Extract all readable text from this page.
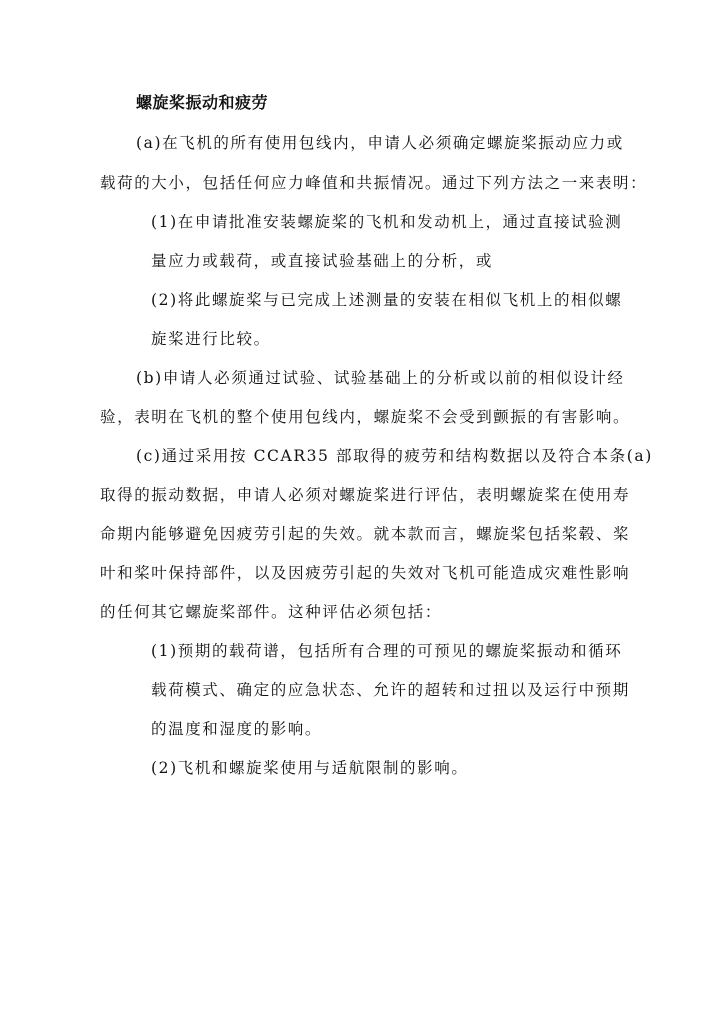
螺旋桨振动和疲劳
(a)在飞机的所有使用包线内，申请人必须确定螺旋桨振动应力或
载荷的大小，包括任何应力峰值和共振情况。通过下列方法之一来表明：
(1)在申请批准安装螺旋桨的飞机和发动机上，通过直接试验测
量应力或载荷，或直接试验基础上的分析，或
(2)将此螺旋桨与已完成上述测量的安装在相似飞机上的相似螺
旋桨进行比较。
(b)申请人必须通过试验、试验基础上的分析或以前的相似设计经
验，表明在飞机的整个使用包线内，螺旋桨不会受到颤振的有害影响。
(c)通过采用按 CCAR35 部取得的疲劳和结构数据以及符合本条(a)
取得的振动数据，申请人必须对螺旋桨进行评估，表明螺旋桨在使用寿
命期内能够避免因疲劳引起的失效。就本款而言，螺旋桨包括桨毂、桨
叶和桨叶保持部件，以及因疲劳引起的失效对飞机可能造成灾难性影响
的任何其它螺旋桨部件。这种评估必须包括：
(1)预期的载荷谱，包括所有合理的可预见的螺旋桨振动和循环
载荷模式、确定的应急状态、允许的超转和过扭以及运行中预期
的温度和湿度的影响。
(2)飞机和螺旋桨使用与适航限制的影响。
